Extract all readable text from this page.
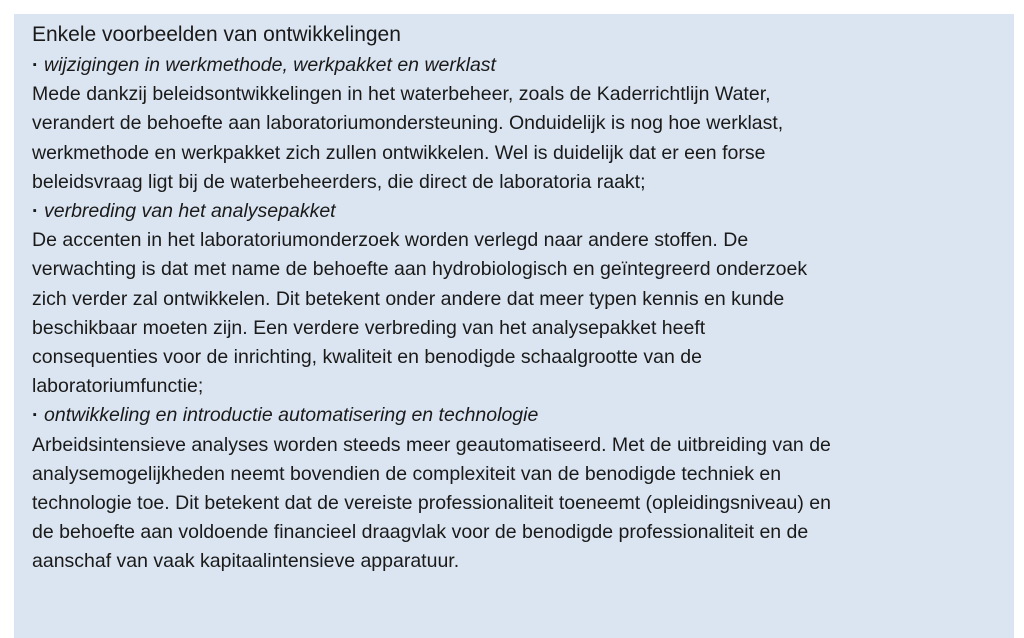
Enkele voorbeelden van ontwikkelingen
· wijzigingen in werkmethode, werkpakket en werklast
Mede dankzij beleidsontwikkelingen in het waterbeheer, zoals de Kaderrichtlijn Water,
verandert de behoefte aan laboratoriumondersteuning. Onduidelijk is nog hoe werklast,
werkmethode en werkpakket zich zullen ontwikkelen. Wel is duidelijk dat er een forse
beleidsvraag ligt bij de waterbeheerders, die direct de laboratoria raakt;
· verbreding van het analysepakket
De accenten in het laboratoriumonderzoek worden verlegd naar andere stoffen. De
verwachting is dat met name de behoefte aan hydrobiologisch en geïntegreerd onderzoek
zich verder zal ontwikkelen. Dit betekent onder andere dat meer typen kennis en kunde
beschikbaar moeten zijn. Een verdere verbreding van het analysepakket heeft
consequenties voor de inrichting, kwaliteit en benodigde schaalgrootte van de
laboratoriumfunctie;
· ontwikkeling en introductie automatisering en technologie
Arbeidsintensieve analyses worden steeds meer geautomatiseerd. Met de uitbreiding van de
analysemogelijkheden neemt bovendien de complexiteit van de benodigde techniek en
technologie toe. Dit betekent dat de vereiste professionaliteit toeneemt (opleidingsniveau) en
de behoefte aan voldoende financieel draagvlak voor de benodigde professionaliteit en de
aanschaf van vaak kapitaalintensieve apparatuur.
